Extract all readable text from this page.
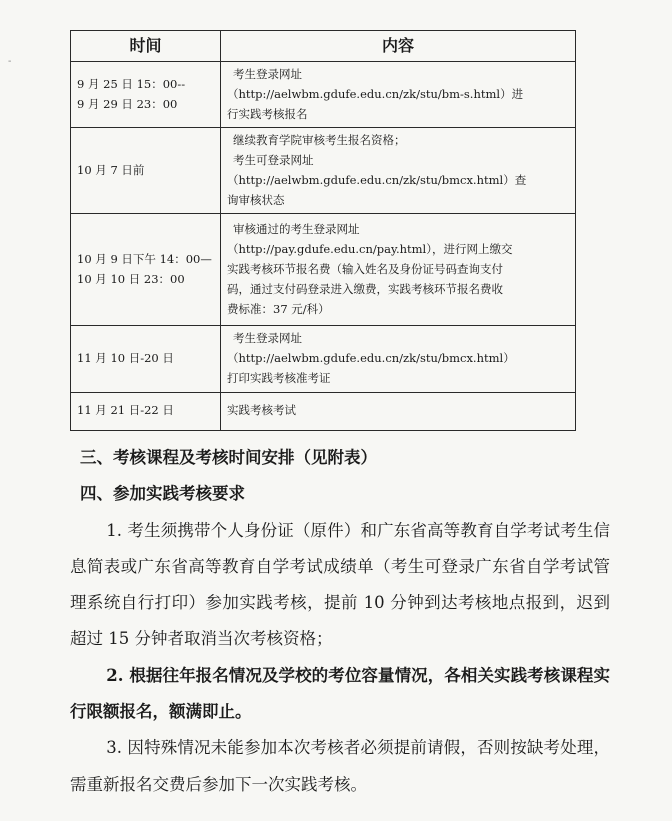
-
时间	内容

9 月 25 日 15：00--
9 月 29 日 23：00	考生登录网址
（http://aelwbm.gdufe.edu.cn/zk/stu/bm-s.html）进
行实践考核报名

10 月 7 日前	继续教育学院审核考生报名资格；
考生可登录网址
（http://aelwbm.gdufe.edu.cn/zk/stu/bmcx.html）查
询审核状态

10 月 9 日下午 14：00—
10 月 10 日 23：00	审核通过的考生登录网址
（http://pay.gdufe.edu.cn/pay.html），进行网上缴交
实践考核环节报名费（输入姓名及身份证号码查询支付
码，通过支付码登录进入缴费，实践考核环节报名费收
费标准：37 元/科）

11 月 10 日-20 日	考生登录网址
（http://aelwbm.gdufe.edu.cn/zk/stu/bmcx.html）
打印实践考核准考证

11 月 21 日-22 日	实践考核考试

三、考核课程及考核时间安排（见附表）

四、参加实践考核要求

1. 考生须携带个人身份证（原件）和广东省高等教育自学考试考生信息简表或广东省高等教育自学考试成绩单（考生可登录广东省自学考试管理系统自行打印）参加实践考核，提前 10 分钟到达考核地点报到，迟到超过 15 分钟者取消当次考核资格；

2. 根据往年报名情况及学校的考位容量情况，各相关实践考核课程实行限额报名，额满即止。

3. 因特殊情况未能参加本次考核者必须提前请假，否则按缺考处理，需重新报名交费后参加下一次实践考核。
